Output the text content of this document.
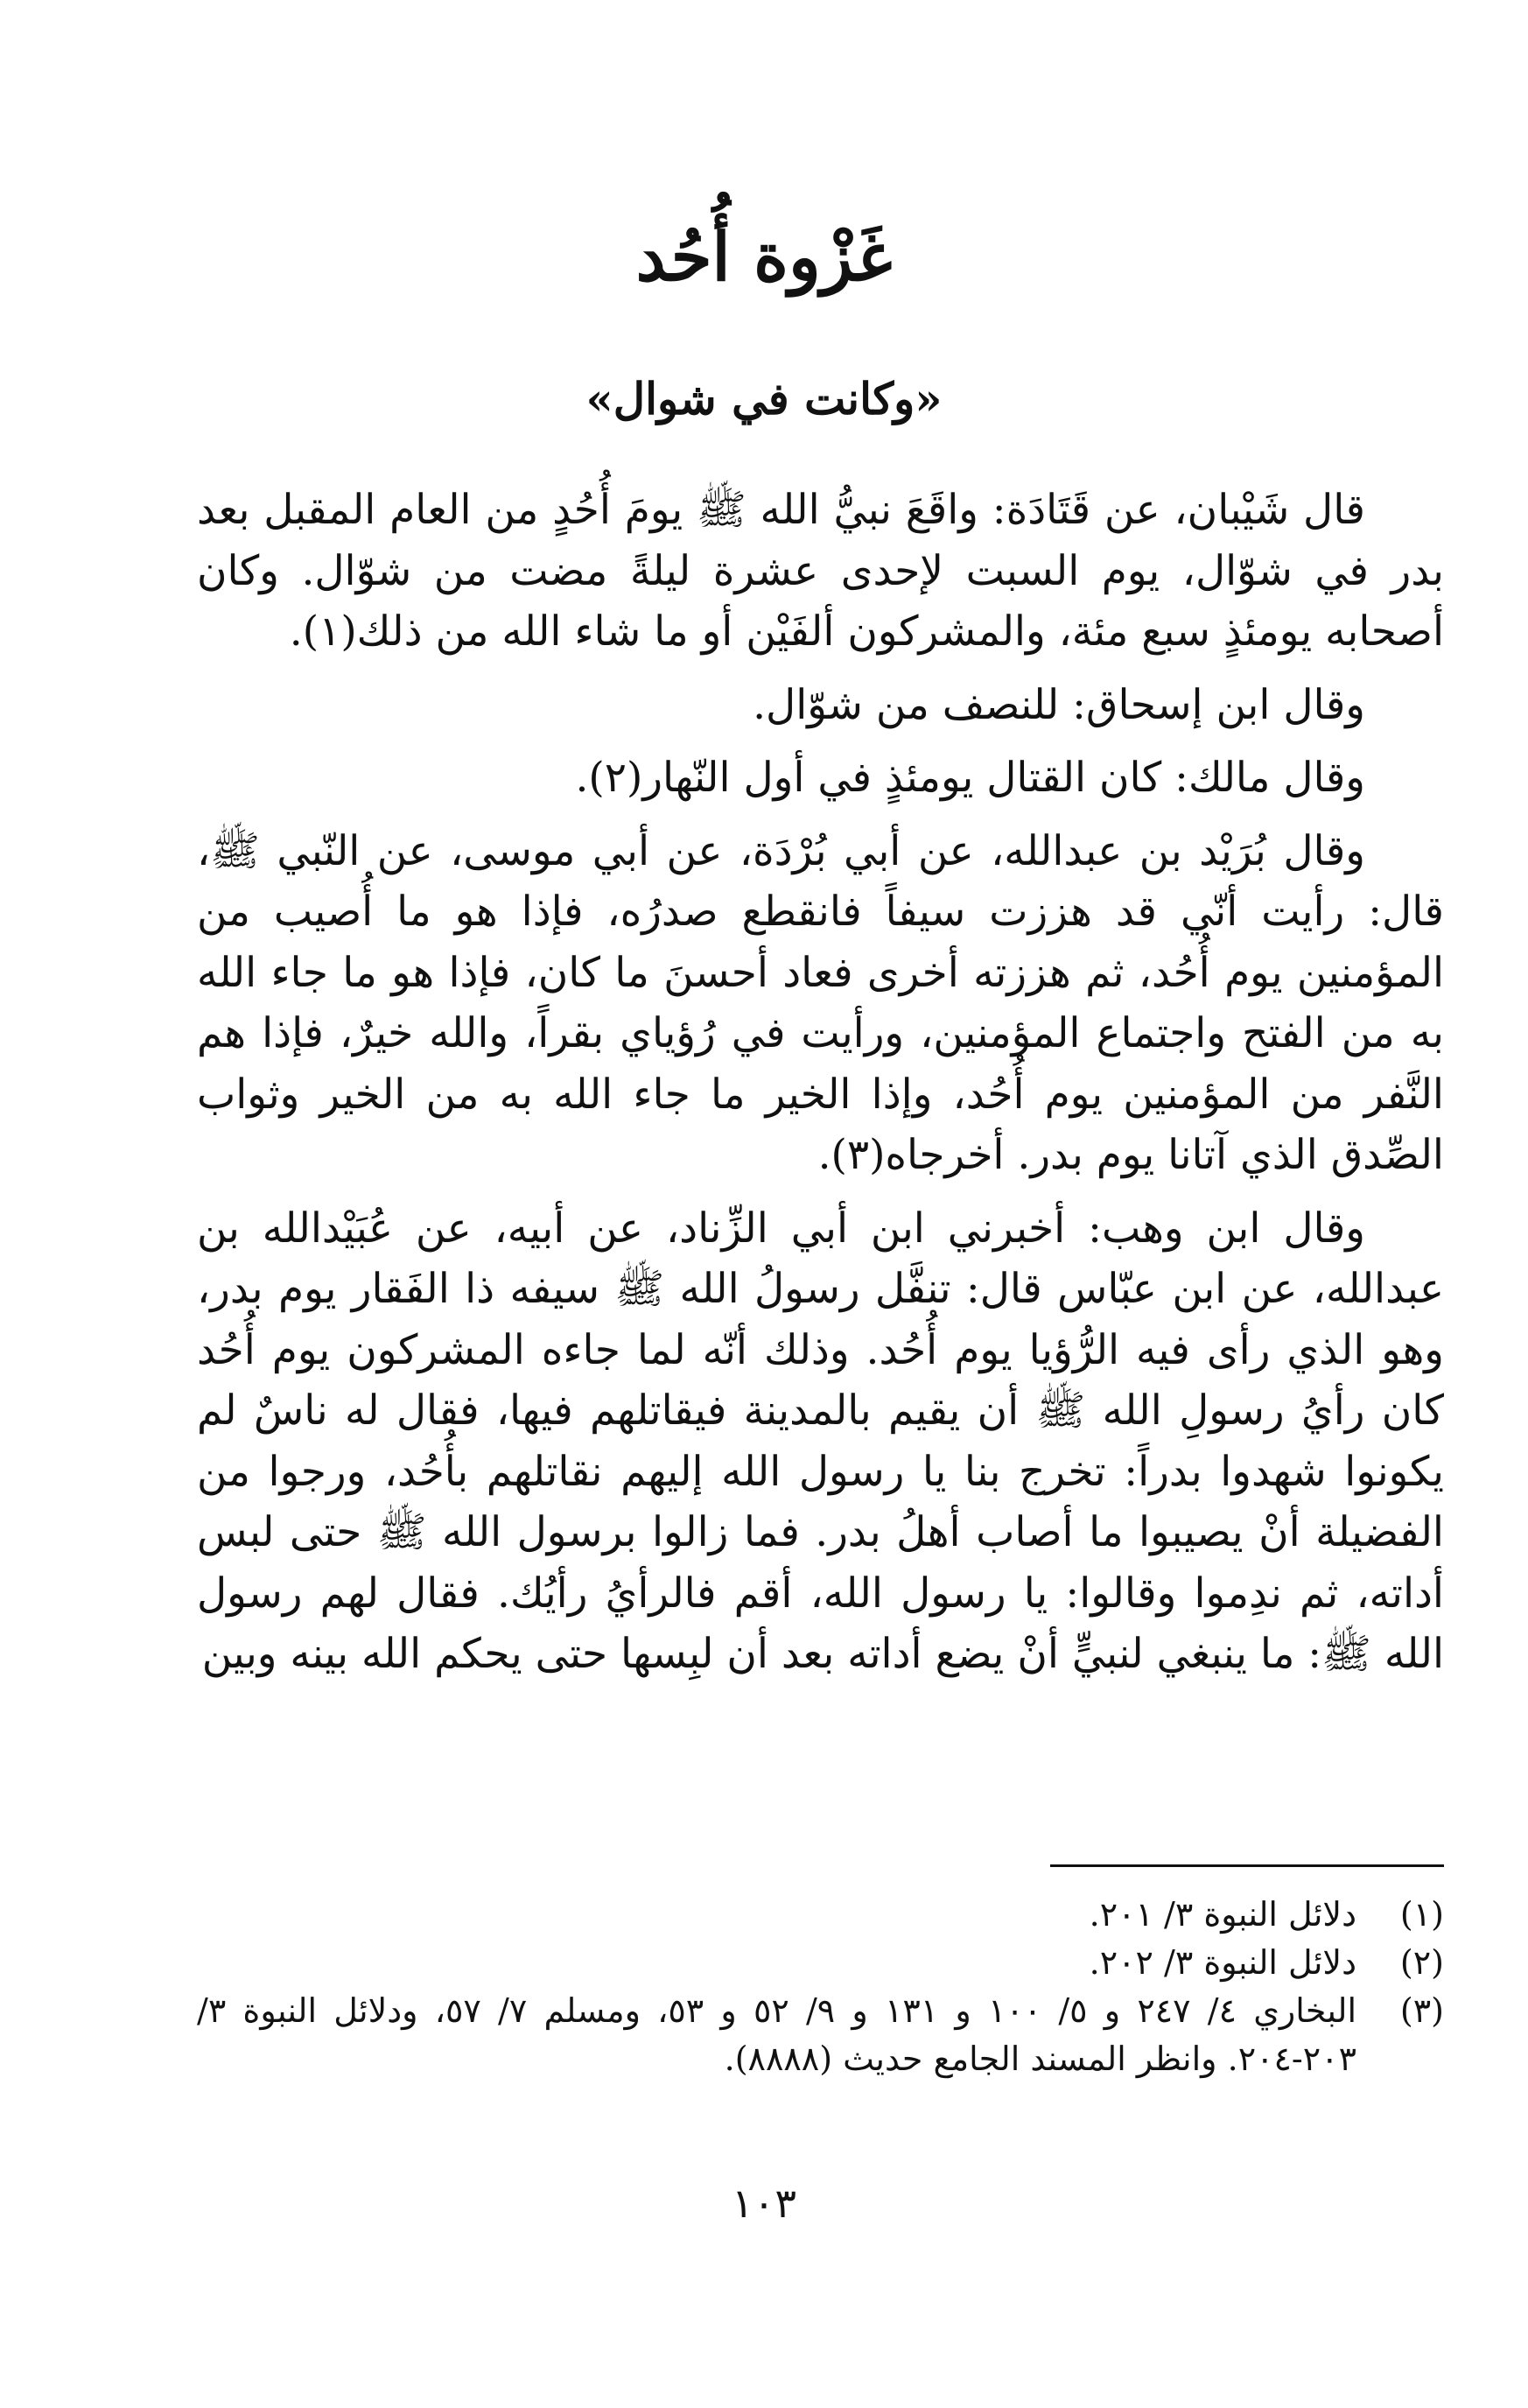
غَزْوة أُحُد
«وكانت في شوال»

قال شَيْبان، عن قَتَادَة: واقَعَ نبيُّ الله ﷺ يومَ أُحُدٍ من العام المقبل بعد بدر في شوّال، يوم السبت لإحدى عشرة ليلةً مضت من شوّال. وكان أصحابه يومئذٍ سبع مئة، والمشركون ألفَيْن أو ما شاء الله من ذلك(١).

وقال ابن إسحاق: للنصف من شوّال.

وقال مالك: كان القتال يومئذٍ في أول النّهار(٢).

وقال بُرَيْد بن عبدالله، عن أبي بُرْدَة، عن أبي موسى، عن النّبي ﷺ، قال: رأيت أنّي قد هززت سيفاً فانقطع صدرُه، فإذا هو ما أُصيب من المؤمنين يوم أُحُد، ثم هززته أخرى فعاد أحسنَ ما كان، فإذا هو ما جاء الله به من الفتح واجتماع المؤمنين، ورأيت في رُؤياي بقراً، والله خيرٌ، فإذا هم النَّفر من المؤمنين يوم أُحُد، وإذا الخير ما جاء الله به من الخير وثواب الصِّدق الذي آتانا يوم بدر. أخرجاه(٣).

وقال ابن وهب: أخبرني ابن أبي الزِّناد، عن أبيه، عن عُبَيْدالله بن عبدالله، عن ابن عبّاس قال: تنفَّل رسولُ الله ﷺ سيفه ذا الفَقار يوم بدر، وهو الذي رأى فيه الرُّؤيا يوم أُحُد. وذلك أنّه لما جاءه المشركون يوم أُحُد كان رأيُ رسولِ الله ﷺ أن يقيم بالمدينة فيقاتلهم فيها، فقال له ناسٌ لم يكونوا شهدوا بدراً: تخرج بنا يا رسول الله إليهم نقاتلهم بأُحُد، ورجوا من الفضيلة أنْ يصيبوا ما أصاب أهلُ بدر. فما زالوا برسول الله ﷺ حتى لبس أداته، ثم ندِموا وقالوا: يا رسول الله، أقم فالرأيُ رأيُك. فقال لهم رسول الله ﷺ: ما ينبغي لنبيٍّ أنْ يضع أداته بعد أن لبِسها حتى يحكم الله بينه وبين

(١)
دلائل النبوة ٣/ ٢٠١.
(٢)
دلائل النبوة ٣/ ٢٠٢.
(٣)
البخاري ٤/ ٢٤٧ و ٥/ ١٠٠ و ١٣١ و ٩/ ٥٢ و ٥٣، ومسلم ٧/ ٥٧، ودلائل النبوة ٣/ ٢٠٣-٢٠٤. وانظر المسند الجامع حديث (٨٨٨٨).
١٠٣
